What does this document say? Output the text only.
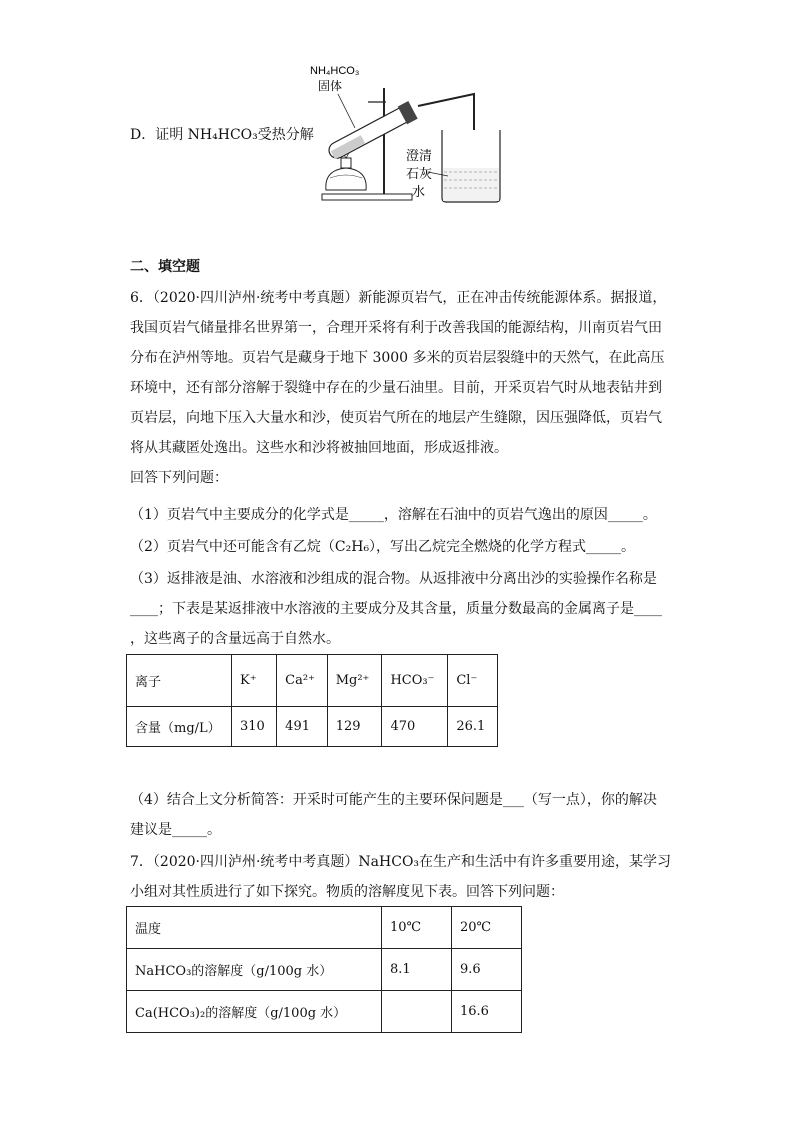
D．证明 NH₄HCO₃受热分解
NH₄HCO₃
固体
澄清
石灰
水
二、填空题
6．（2020·四川泸州·统考中考真题）新能源页岩气，正在冲击传统能源体系。据报道，
我国页岩气储量排名世界第一，合理开采将有利于改善我国的能源结构，川南页岩气田
分布在泸州等地。页岩气是藏身于地下 3000 多米的页岩层裂缝中的天然气，在此高压
环境中，还有部分溶解于裂缝中存在的少量石油里。目前，开采页岩气时从地表钻井到
页岩层，向地下压入大量水和沙，使页岩气所在的地层产生缝隙，因压强降低，页岩气
将从其藏匿处逸出。这些水和沙将被抽回地面，形成返排液。
回答下列问题：
（1）页岩气中主要成分的化学式是_____，溶解在石油中的页岩气逸出的原因_____。
（2）页岩气中还可能含有乙烷（C₂H₆），写出乙烷完全燃烧的化学方程式_____。
（3）返排液是油、水溶液和沙组成的混合物。从返排液中分离出沙的实验操作名称是
____；下表是某返排液中水溶液的主要成分及其含量，质量分数最高的金属离子是____
，这些离子的含量远高于自然水。
离子	K⁺	Ca²⁺	Mg²⁺	HCO₃⁻	Cl⁻
含量（mg/L）	310	491	129	470	26.1
（4）结合上文分析简答：开采时可能产生的主要环保问题是___（写一点），你的解决
建议是_____。
7．（2020·四川泸州·统考中考真题）NaHCO₃在生产和生活中有许多重要用途，某学习
小组对其性质进行了如下探究。物质的溶解度见下表。回答下列问题：
温度	10℃	20℃
NaHCO₃的溶解度（g/100g 水）	8.1	9.6
Ca(HCO₃)₂的溶解度（g/100g 水）		16.6
